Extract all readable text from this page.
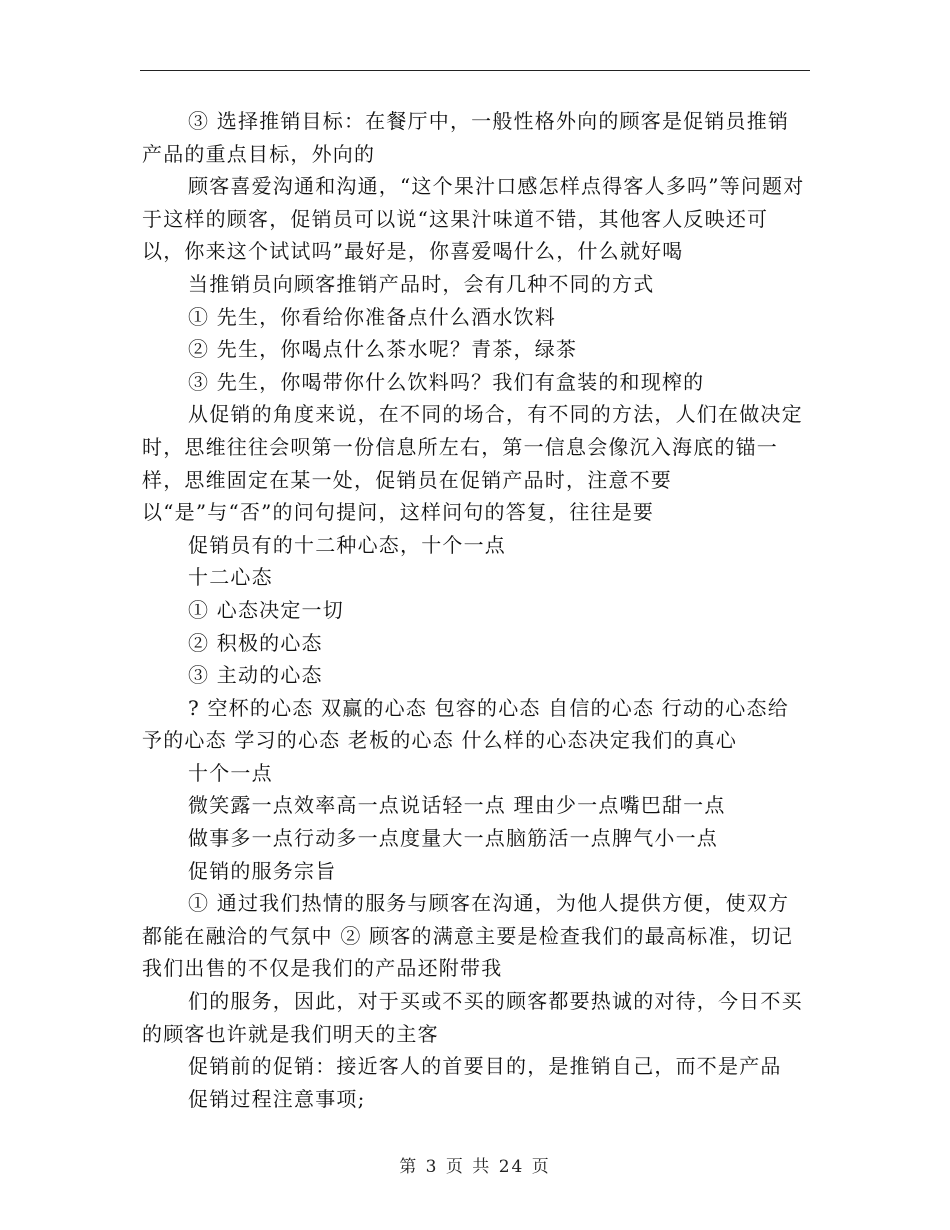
③ 选择推销目标：在餐厅中，一般性格外向的顾客是促销员推销产品的重点目标，外向的

顾客喜爱沟通和沟通，“这个果汁口感怎样点得客人多吗”等问题对于这样的顾客，促销员可以说“这果汁味道不错，其他客人反映还可以，你来这个试试吗”最好是，你喜爱喝什么，什么就好喝

当推销员向顾客推销产品时，会有几种不同的方式

① 先生，你看给你准备点什么酒水饮料

② 先生，你喝点什么茶水呢？青茶，绿茶

③ 先生，你喝带你什么饮料吗？我们有盒装的和现榨的

从促销的角度来说，在不同的场合，有不同的方法，人们在做决定时，思维往往会呗第一份信息所左右，第一信息会像沉入海底的锚一样，思维固定在某一处，促销员在促销产品时，注意不要以“是”与“否”的问句提问，这样问句的答复，往往是要

促销员有的十二种心态，十个一点

十二心态

① 心态决定一切

② 积极的心态

③ 主动的心态

? 空杯的心态 双赢的心态 包容的心态 自信的心态 行动的心态给予的心态 学习的心态 老板的心态 什么样的心态决定我们的真心

十个一点

微笑露一点效率高一点说话轻一点 理由少一点嘴巴甜一点

做事多一点行动多一点度量大一点脑筋活一点脾气小一点

促销的服务宗旨

① 通过我们热情的服务与顾客在沟通，为他人提供方便，使双方都能在融洽的气氛中 ② 顾客的满意主要是检查我们的最高标准，切记我们出售的不仅是我们的产品还附带我

们的服务，因此，对于买或不买的顾客都要热诚的对待，今日不买的顾客也许就是我们明天的主客

促销前的促销：接近客人的首要目的，是推销自己，而不是产品

促销过程注意事项;

第 3 页 共 24 页
